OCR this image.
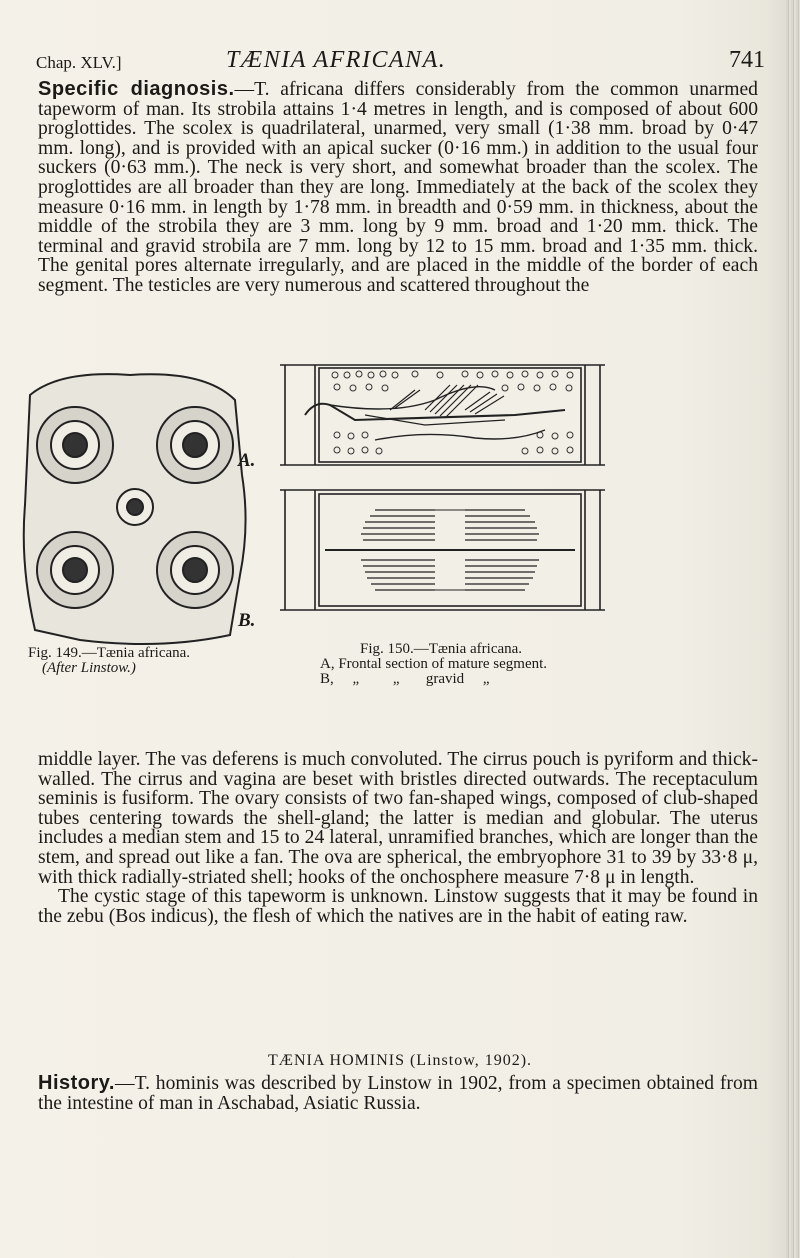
Chap. XLV.]	TÆNIA AFRICANA.	741
Specific diagnosis.—T. africana differs considerably from the common unarmed tapeworm of man. Its strobila attains 1·4 metres in length, and is composed of about 600 proglottides. The scolex is quadrilateral, unarmed, very small (1·38 mm. broad by 0·47 mm. long), and is provided with an apical sucker (0·16 mm.) in addition to the usual four suckers (0·63 mm.). The neck is very short, and somewhat broader than the scolex. The proglottides are all broader than they are long. Immediately at the back of the scolex they measure 0·16 mm. in length by 1·78 mm. in breadth and 0·59 mm. in thickness, about the middle of the strobila they are 3 mm. long by 9 mm. broad and 1·20 mm. thick. The terminal and gravid strobila are 7 mm. long by 12 to 15 mm. broad and 1·35 mm. thick. The genital pores alternate irregularly, and are placed in the middle of the border of each segment. The testicles are very numerous and scattered throughout the
A.
B.
Fig. 149.—Tænia africana.
(After Linstow.)
Fig. 150.—Tænia africana.
A, Frontal section of mature segment.
B,     „         „       gravid     „
middle layer. The vas deferens is much convoluted. The cirrus pouch is pyriform and thick-walled. The cirrus and vagina are beset with bristles directed outwards. The receptaculum seminis is fusiform. The ovary consists of two fan-shaped wings, composed of club-shaped tubes centering towards the shell-gland; the latter is median and globular. The uterus includes a median stem and 15 to 24 lateral, unramified branches, which are longer than the stem, and spread out like a fan. The ova are spherical, the embryophore 31 to 39 by 33·8 μ, with thick radially-striated shell; hooks of the onchosphere measure 7·8 μ in length.
The cystic stage of this tapeworm is unknown. Linstow suggests that it may be found in the zebu (Bos indicus), the flesh of which the natives are in the habit of eating raw.
TÆNIA HOMINIS (Linstow, 1902).
History.—T. hominis was described by Linstow in 1902, from a specimen obtained from the intestine of man in Aschabad, Asiatic Russia.
